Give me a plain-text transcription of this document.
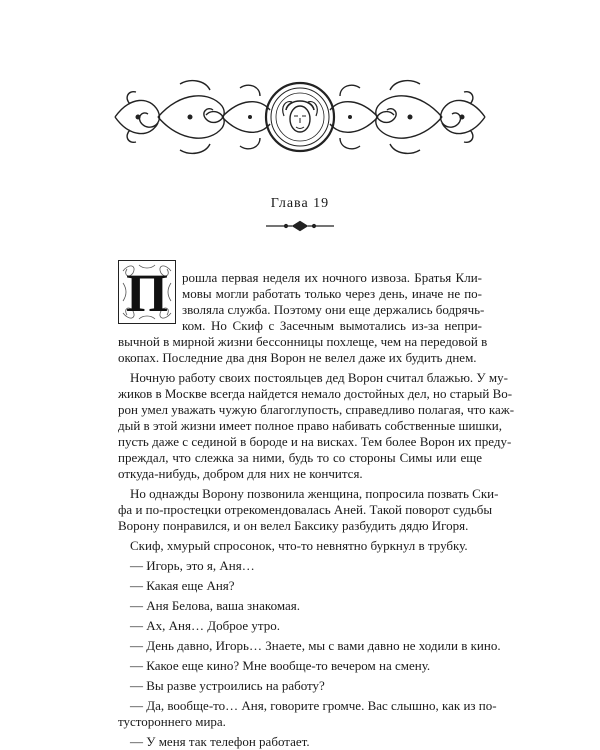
Глава 19
П	рошла первая неделя их ночного извоза. Братья Кли-
мовы могли работать только через день, иначе не по-
зволяла служба. Поэтому они еще держались бодрячь-
ком. Но Скиф с Засечным вымотались из-за непри-
вычной в мирной жизни бессонницы похлеще, чем на передовой в
окопах. Последние два дня Ворон не велел даже их будить днем.
Ночную работу своих постояльцев дед Ворон считал блажью. У му-
жиков в Москве всегда найдется немало достойных дел, но старый Во-
рон умел уважать чужую благоглупость, справедливо полагая, что каж-
дый в этой жизни имеет полное право набивать собственные шишки,
пусть даже с сединой в бороде и на висках. Тем более Ворон их преду-
преждал, что слежка за ними, будь то со стороны Симы или еще
откуда-нибудь, добром для них не кончится.
Но однажды Ворону позвонила женщина, попросила позвать Ски-
фа и по-простецки отрекомендовалась Аней. Такой поворот судьбы
Ворону понравился, и он велел Баксику разбудить дядю Игоря.
Скиф, хмурый спросонок, что-то невнятно буркнул в трубку.
— Игорь, это я, Аня…
— Какая еще Аня?
— Аня Белова, ваша знакомая.
— Ах, Аня… Доброе утро.
— День давно, Игорь… Знаете, мы с вами давно не ходили в кино.
— Какое еще кино? Мне вообще-то вечером на смену.
— Вы разве устроились на работу?
— Да, вообще-то… Аня, говорите громче. Вас слышно, как из по-
тустороннего мира.
— У меня так телефон работает.
